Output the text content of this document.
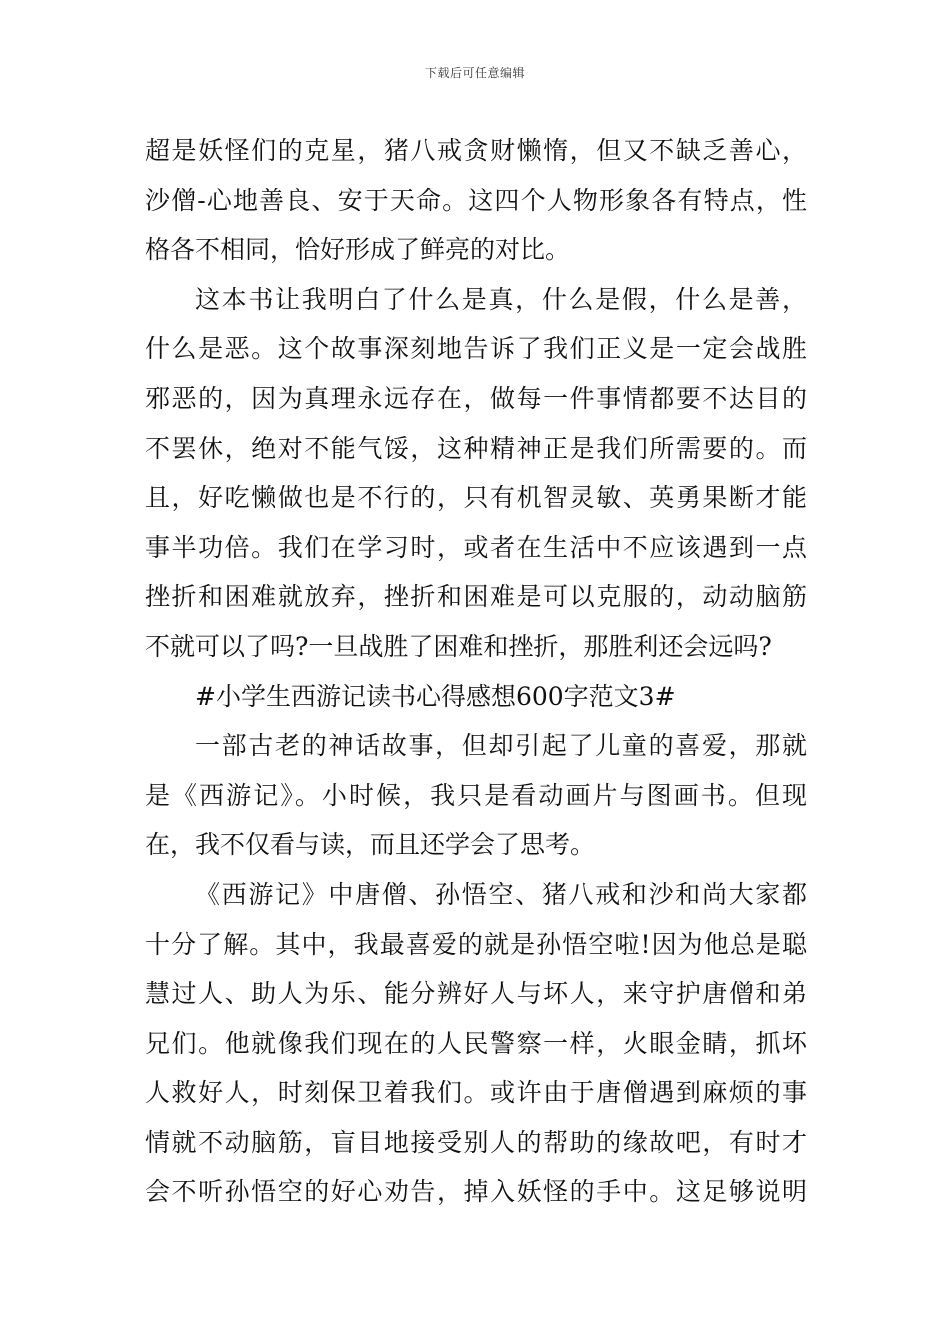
下载后可任意编辑
超是妖怪们的克星，猪八戒贪财懒惰，但又不缺乏善心，
沙僧-心地善良、安于天命。这四个人物形象各有特点，性
格各不相同，恰好形成了鲜亮的对比。
这本书让我明白了什么是真，什么是假，什么是善，
什么是恶。这个故事深刻地告诉了我们正义是一定会战胜
邪恶的，因为真理永远存在，做每一件事情都要不达目的
不罢休，绝对不能气馁，这种精神正是我们所需要的。而
且，好吃懒做也是不行的，只有机智灵敏、英勇果断才能
事半功倍。我们在学习时，或者在生活中不应该遇到一点
挫折和困难就放弃，挫折和困难是可以克服的，动动脑筋
不就可以了吗?一旦战胜了困难和挫折，那胜利还会远吗?
#小学生西游记读书心得感想600字范文3#
一部古老的神话故事，但却引起了儿童的喜爱，那就
是《西游记》。小时候，我只是看动画片与图画书。但现
在，我不仅看与读，而且还学会了思考。
《西游记》中唐僧、孙悟空、猪八戒和沙和尚大家都
十分了解。其中，我最喜爱的就是孙悟空啦!因为他总是聪
慧过人、助人为乐、能分辨好人与坏人，来守护唐僧和弟
兄们。他就像我们现在的人民警察一样，火眼金睛，抓坏
人救好人，时刻保卫着我们。或许由于唐僧遇到麻烦的事
情就不动脑筋，盲目地接受别人的帮助的缘故吧，有时才
会不听孙悟空的好心劝告，掉入妖怪的手中。这足够说明
